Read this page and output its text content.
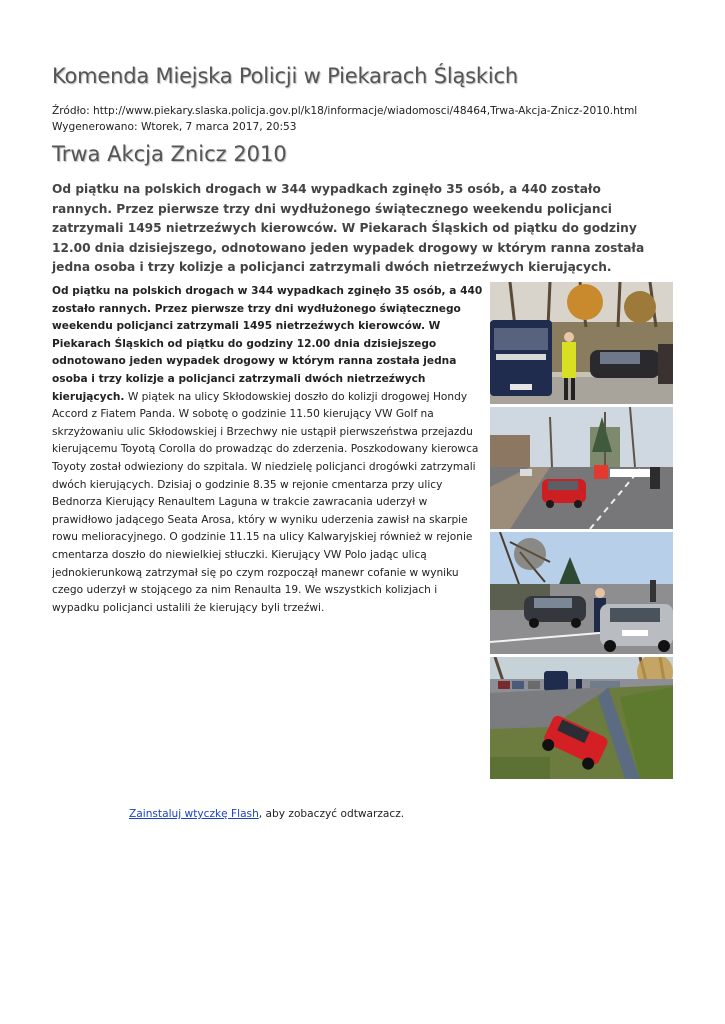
Komenda Miejska Policji w Piekarach Śląskich
Źródło: http://www.piekary.slaska.policja.gov.pl/k18/informacje/wiadomosci/48464,Trwa-Akcja-Znicz-2010.html
Wygenerowano: Wtorek, 7 marca 2017, 20:53
Trwa Akcja Znicz 2010

Od piątku na polskich drogach w 344 wypadkach zginęło 35 osób, a 440 zostało rannych. Przez pierwsze trzy dni wydłużonego świątecznego weekendu policjanci zatrzymali 1495 nietrzeźwych kierowców. W Piekarach Śląskich od piątku do godziny 12.00 dnia dzisiejszego, odnotowano jeden wypadek drogowy w którym ranna została jedna osoba i trzy kolizje a policjanci zatrzymali dwóch nietrzeźwych kierujących.

Od piątku na polskich drogach w 344 wypadkach zginęło 35 osób, a 440 zostało rannych. Przez pierwsze trzy dni wydłużonego świątecznego weekendu policjanci zatrzymali 1495 nietrzeźwych kierowców. W Piekarach Śląskich od piątku do godziny 12.00 dnia dzisiejszego odnotowano jeden wypadek drogowy w którym ranna została jedna osoba i trzy kolizje a policjanci zatrzymali dwóch nietrzeźwych kierujących. W piątek na ulicy Skłodowskiej doszło do kolizji drogowej Hondy Accord z Fiatem Panda. W sobotę o godzinie 11.50 kierujący VW Golf na skrzyżowaniu ulic Skłodowskiej i Brzechwy nie ustąpił pierwszeństwa przejazdu kierującemu Toyotą Corolla do prowadząc do zderzenia. Poszkodowany kierowca Toyoty został odwieziony do szpitala. W niedzielę policjanci drogówki zatrzymali dwóch kierujących. Dzisiaj o godzinie 8.35 w rejonie cmentarza przy ulicy Bednorza Kierujący Renaultem Laguna w trakcie zawracania uderzył w prawidłowo jadącego Seata Arosa, który w wyniku uderzenia zawisł na skarpie rowu melioracyjnego. O godzinie 11.15 na ulicy Kalwaryjskiej również w rejonie cmentarza doszło do niewielkiej stłuczki. Kierujący VW Polo jadąc ulicą jednokierunkową zatrzymał się po czym rozpoczął manewr cofanie w wyniku czego uderzył w stojącego za nim Renaulta 19. We wszystkich kolizjach i wypadku policjanci ustalili że kierujący byli trzeźwi.

Zainstaluj wtyczkę Flash, aby zobaczyć odtwarzacz.
